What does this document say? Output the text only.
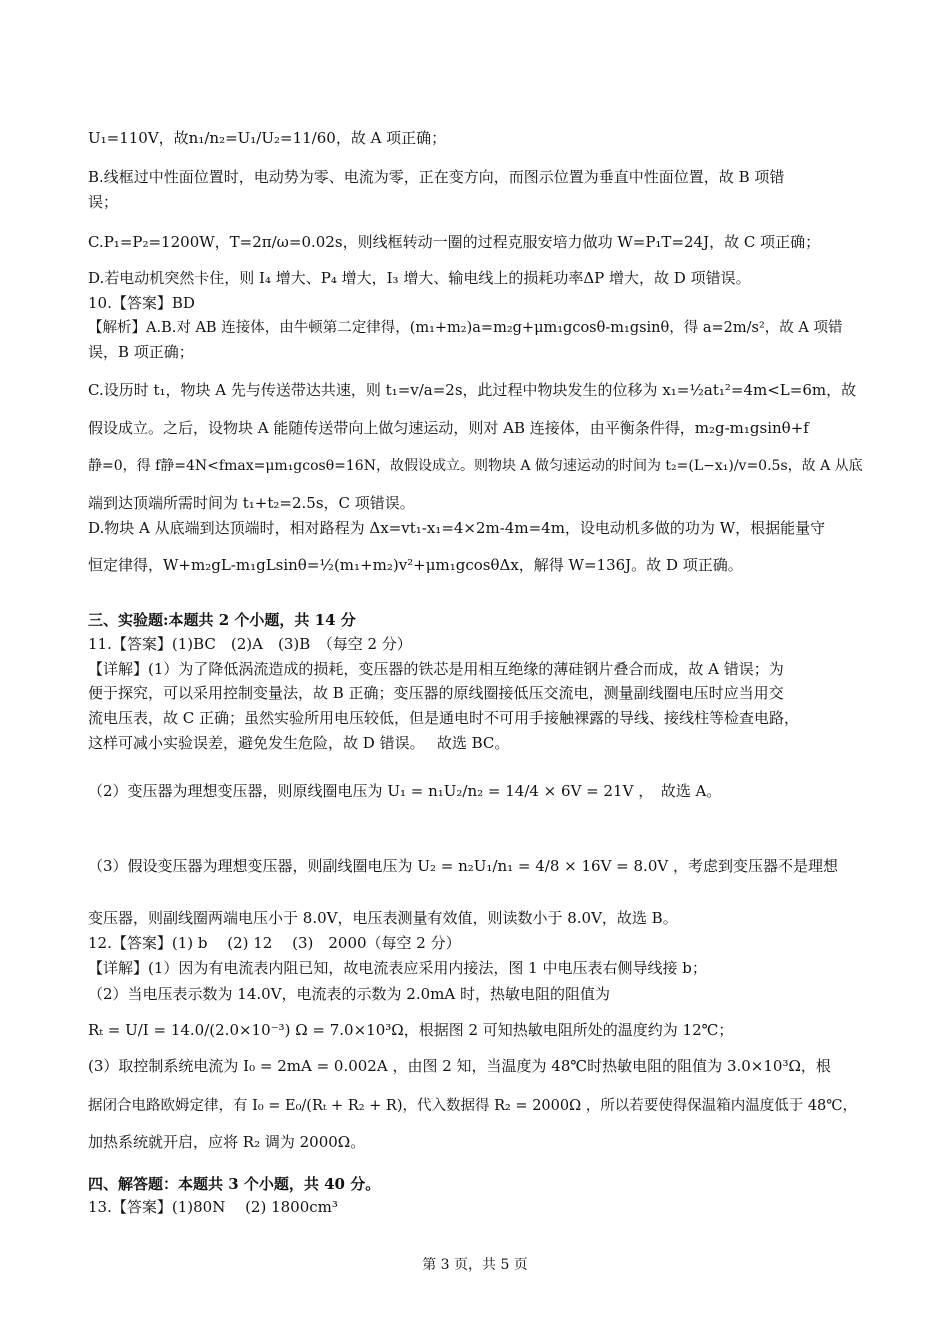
U₁=110V，故n₁/n₂=U₁/U₂=11/60，故 A 项正确；
B.线框过中性面位置时，电动势为零、电流为零，正在变方向，而图示位置为垂直中性面位置，故 B 项错
误；
C.P₁=P₂=1200W，T=2π/ω=0.02s，则线框转动一圈的过程克服安培力做功 W=P₁T=24J，故 C 项正确；
D.若电动机突然卡住，则 I₄ 增大、P₄ 增大，I₃ 增大、输电线上的损耗功率ΔP 增大，故 D 项错误。
10.【答案】BD
【解析】A.B.对 AB 连接体，由牛顿第二定律得，(m₁+m₂)a=m₂g+μm₁gcosθ-m₁gsinθ，得 a=2m/s²，故 A 项错
误，B 项正确；
C.设历时 t₁，物块 A 先与传送带达共速，则 t₁=v/a=2s，此过程中物块发生的位移为 x₁=½at₁²=4m<L=6m，故
假设成立。之后，设物块 A 能随传送带向上做匀速运动，则对 AB 连接体，由平衡条件得，m₂g-m₁gsinθ+f
静=0，得 f静=4N<fmax=μm₁gcosθ=16N，故假设成立。则物块 A 做匀速运动的时间为 t₂=(L−x₁)/v=0.5s，故 A 从底
端到达顶端所需时间为 t₁+t₂=2.5s，C 项错误。
D.物块 A 从底端到达顶端时，相对路程为 Δx=vt₁-x₁=4×2m-4m=4m，设电动机多做的功为 W，根据能量守
恒定律得，W+m₂gL-m₁gLsinθ=½(m₁+m₂)v²+μm₁gcosθΔx，解得 W=136J。故 D 项正确。
三、实验题:本题共 2 个小题，共 14 分
11.【答案】(1)BC　(2)A　(3)B　（每空 2 分）
【详解】(1）为了降低涡流造成的损耗，变压器的铁芯是用相互绝缘的薄硅钢片叠合而成，故 A 错误；为
便于探究，可以采用控制变量法，故 B 正确；变压器的原线圈接低压交流电，测量副线圈电压时应当用交
流电压表，故 C 正确；虽然实验所用电压较低，但是通电时不可用手接触裸露的导线、接线柱等检查电路，
这样可减小实验误差，避免发生危险，故 D 错误。　 故选 BC。
（2）变压器为理想变压器，则原线圈电压为 U₁ = n₁U₂/n₂ = 14/4 × 6V = 21V ，　故选 A。
（3）假设变压器为理想变压器，则副线圈电压为 U₂ = n₂U₁/n₁ = 4/8 × 16V = 8.0V ，考虑到变压器不是理想
变压器，则副线圈两端电压小于 8.0V，电压表测量有效值，则读数小于 8.0V，故选 B。
12.【答案】(1) b　 (2) 12　 (3)　2000（每空 2 分）
【详解】(1）因为有电流表内阻已知，故电流表应采用内接法，图 1 中电压表右侧导线接 b；
（2）当电压表示数为 14.0V，电流表的示数为 2.0mA 时，热敏电阻的阻值为
Rₜ = U/I = 14.0/(2.0×10⁻³) Ω = 7.0×10³Ω，根据图 2 可知热敏电阻所处的温度约为 12℃；
(3）取控制系统电流为 I₀ = 2mA = 0.002A ，由图 2 知，当温度为 48℃时热敏电阻的阻值为 3.0×10³Ω，根
据闭合电路欧姆定律，有 I₀ = E₀/(Rₜ + R₂ + R)，代入数据得 R₂ = 2000Ω ，所以若要使得保温箱内温度低于 48℃，
加热系统就开启，应将 R₂ 调为 2000Ω。
四、解答题：本题共 3 个小题，共 40 分。
13.【答案】(1)80N　 (2) 1800cm³
第 3 页，共 5 页
